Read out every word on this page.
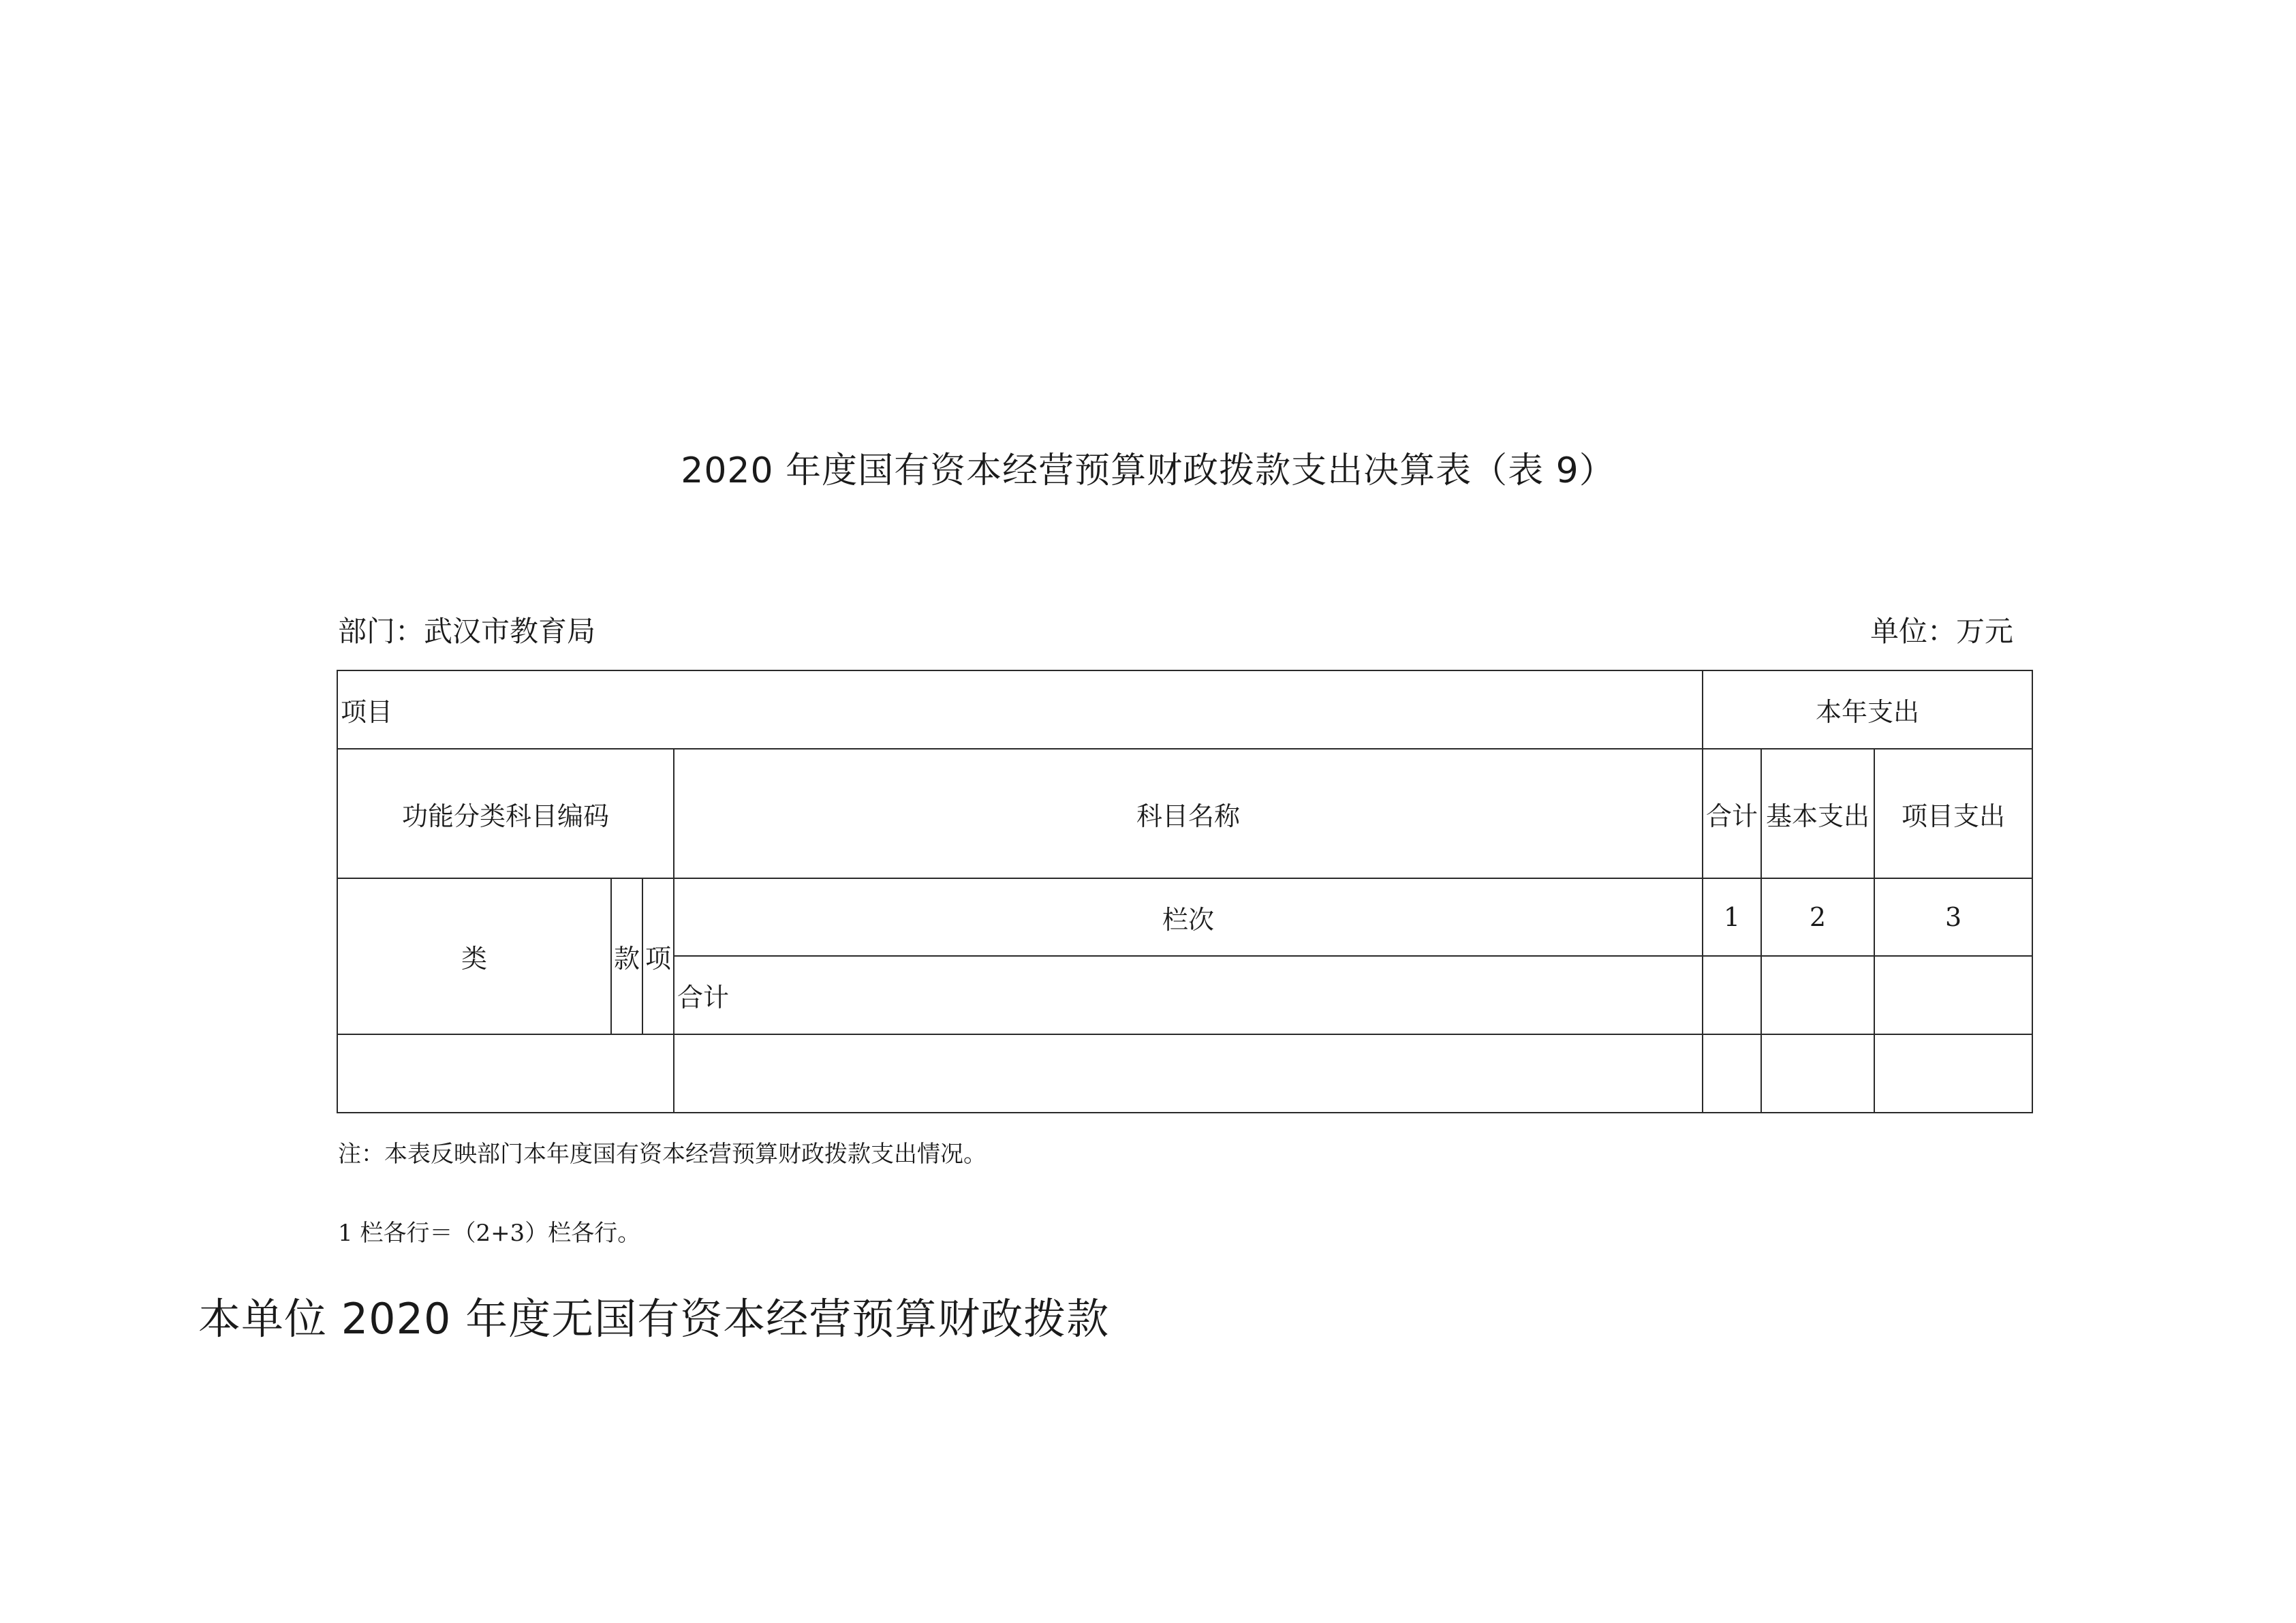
2020 年度国有资本经营预算财政拨款支出决算表（表 9）
部门：武汉市教育局	单位：万元
项目				本年支出		
功能分类科目编码			科目名称	合计	基本支出	项目支出
类	款	项	栏次	1	2	3
			合计			

注：本表反映部门本年度国有资本经营预算财政拨款支出情况。
1 栏各行＝（2+3）栏各行。
本单位 2020 年度无国有资本经营预算财政拨款
